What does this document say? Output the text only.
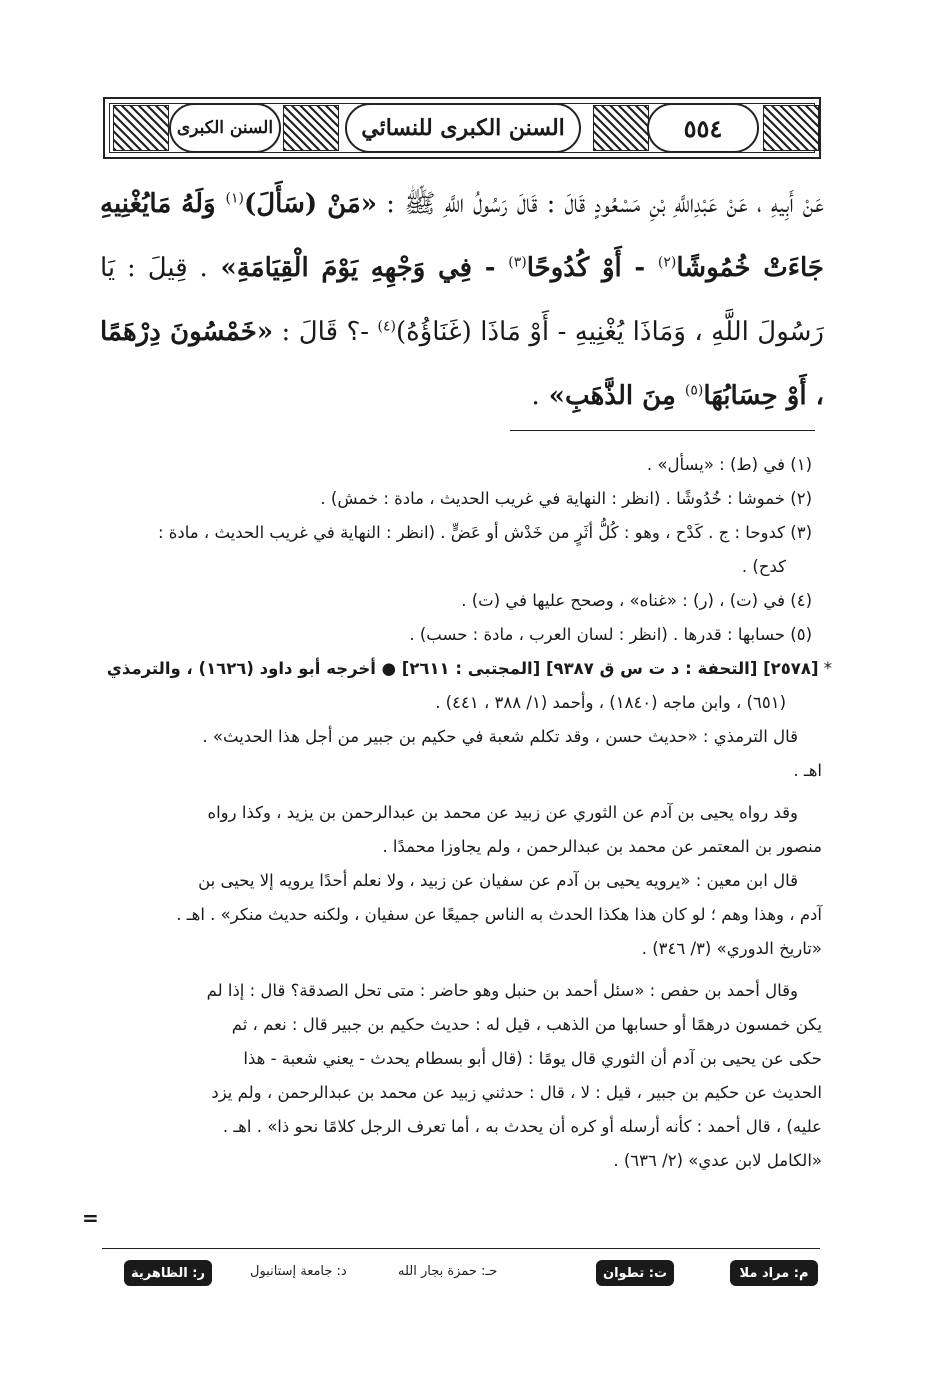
السنن الكبرى	السنن الكبرى للنسائي	٥٥٤

عَنْ أَبِيهِ ، عَنْ عَبْدِاللَّهِ بْنِ مَسْعُودٍ قَالَ : قَالَ رَسُولُ اللَّهِ ﷺ : «مَنْ (سَأَلَ)$^{(١)}$ وَلَهُ مَايُغْنِيهِ جَاءَتْ خُمُوشًا$^{(٢)}$ - أَوْ كُدُوحًا$^{(٣)}$ - فِي وَجْهِهِ يَوْمَ الْقِيَامَةِ» . قِيلَ : يَا رَسُولَ اللَّهِ ، وَمَاذَا يُغْنِيهِ - أَوْ مَاذَا (غَنَاؤُهُ)$^{(٤)}$ -؟ قَالَ : «خَمْسُونَ دِرْهَمًا ، أَوْ حِسَابُهَا$^{(٥)}$ مِنَ الذَّهَبِ» .

(١) في (ط) : «يسأل» .

(٢) خموشا : خُدُوشًا . (انظر : النهاية في غريب الحديث ، مادة : خمش) .

(٣) كدوحا : ج . كَدْح ، وهو : كُلُّ أثَرٍ من خَدْش أو عَضٍّ . (انظر : النهاية في غريب الحديث ، مادة :

كدح) .

(٤) في (ت) ، (ر) : «غناه» ، وصحح عليها في (ت) .

(٥) حسابها : قدرها . (انظر : لسان العرب ، مادة : حسب) .

* [٢٥٧٨] [التحفة : د ت س ق ٩٣٨٧] [المجتبى : ٢٦١١] ● أخرجه أبو داود (١٦٢٦) ، والترمذي

(٦٥١) ، وابن ماجه (١٨٤٠) ، وأحمد (١/ ٣٨٨ ، ٤٤١) .

قال الترمذي : «حديث حسن ، وقد تكلم شعبة في حكيم بن جبير من أجل هذا الحديث» .

اهـ .

وقد رواه يحيى بن آدم عن الثوري عن زبيد عن محمد بن عبدالرحمن بن يزيد ، وكذا رواه

منصور بن المعتمر عن محمد بن عبدالرحمن ، ولم يجاوزا محمدًا .

قال ابن معين : «يرويه يحيى بن آدم عن سفيان عن زبيد ، ولا نعلم أحدًا يرويه إلا يحيى بن

آدم ، وهذا وهم ؛ لو كان هذا هكذا الحدث به الناس جميعًا عن سفيان ، ولكنه حديث منكر» . اهـ .

«تاريخ الدوري» (٣/ ٣٤٦) .

وقال أحمد بن حفص : «سئل أحمد بن حنبل وهو حاضر : متى تحل الصدقة؟ قال : إذا لم

يكن خمسون درهمًا أو حسابها من الذهب ، قيل له : حديث حكيم بن جبير قال : نعم ، ثم

حكى عن يحيى بن آدم أن الثوري قال يومًا : (قال أبو بسطام يحدث - يعني شعبة - هذا

الحديث عن حكيم بن جبير ، قيل : لا ، قال : حدثني زبيد عن محمد بن عبدالرحمن ، ولم يزد

عليه) ، قال أحمد : كأنه أرسله أو كره أن يحدث به ، أما تعرف الرجل كلامًا نحو ذا» . اهـ .

«الكامل لابن عدي» (٢/ ٦٣٦) .

=
م: مراد ملا
ت: تطوان
حـ: حمزة بجار الله
د: جامعة إستانبول
ر: الظاهرية
